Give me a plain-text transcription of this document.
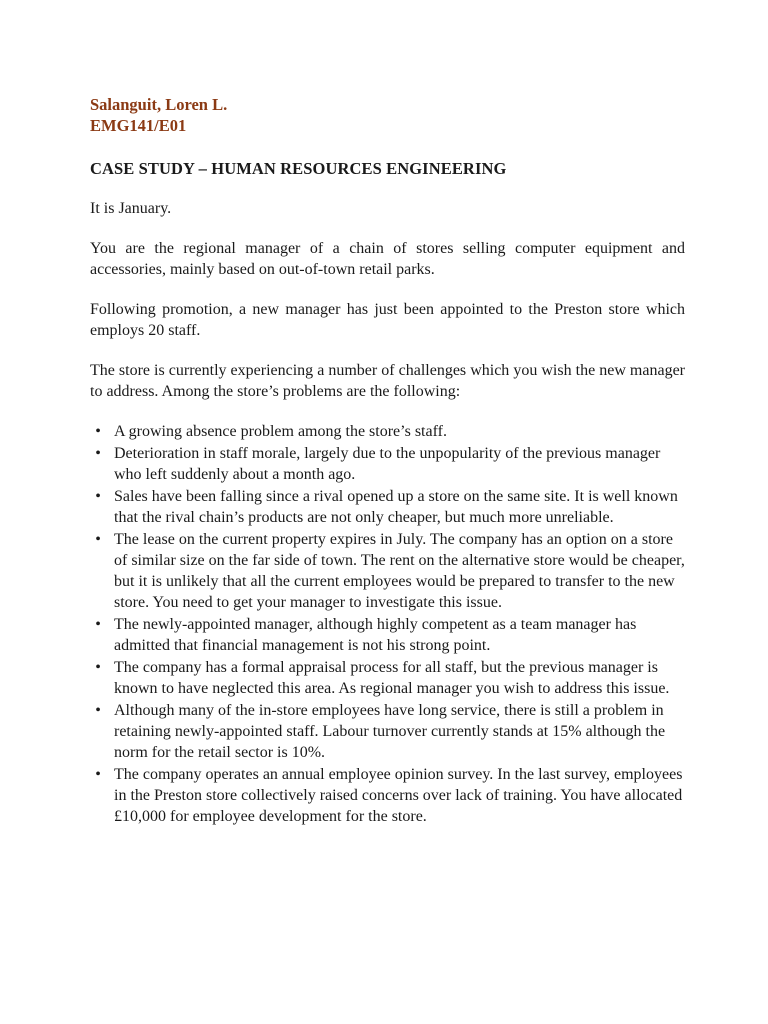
Salanguit, Loren L.

EMG141/E01

CASE STUDY – HUMAN RESOURCES ENGINEERING

It is January.

You are the regional manager of a chain of stores selling computer equipment and accessories, mainly based on out-of-town retail parks.

Following promotion, a new manager has just been appointed to the Preston store which employs 20 staff.

The store is currently experiencing a number of challenges which you wish the new manager to address. Among the store’s problems are the following:

• A growing absence problem among the store’s staff.
• Deterioration in staff morale, largely due to the unpopularity of the previous manager who left suddenly about a month ago.
• Sales have been falling since a rival opened up a store on the same site. It is well known that the rival chain’s products are not only cheaper, but much more unreliable.
• The lease on the current property expires in July. The company has an option on a store of similar size on the far side of town. The rent on the alternative store would be cheaper, but it is unlikely that all the current employees would be prepared to transfer to the new store. You need to get your manager to investigate this issue.
• The newly-appointed manager, although highly competent as a team manager has admitted that financial management is not his strong point.
• The company has a formal appraisal process for all staff, but the previous manager is known to have neglected this area. As regional manager you wish to address this issue.
• Although many of the in-store employees have long service, there is still a problem in retaining newly-appointed staff. Labour turnover currently stands at 15% although the norm for the retail sector is 10%.
• The company operates an annual employee opinion survey. In the last survey, employees in the Preston store collectively raised concerns over lack of training. You have allocated £10,000 for employee development for the store.
